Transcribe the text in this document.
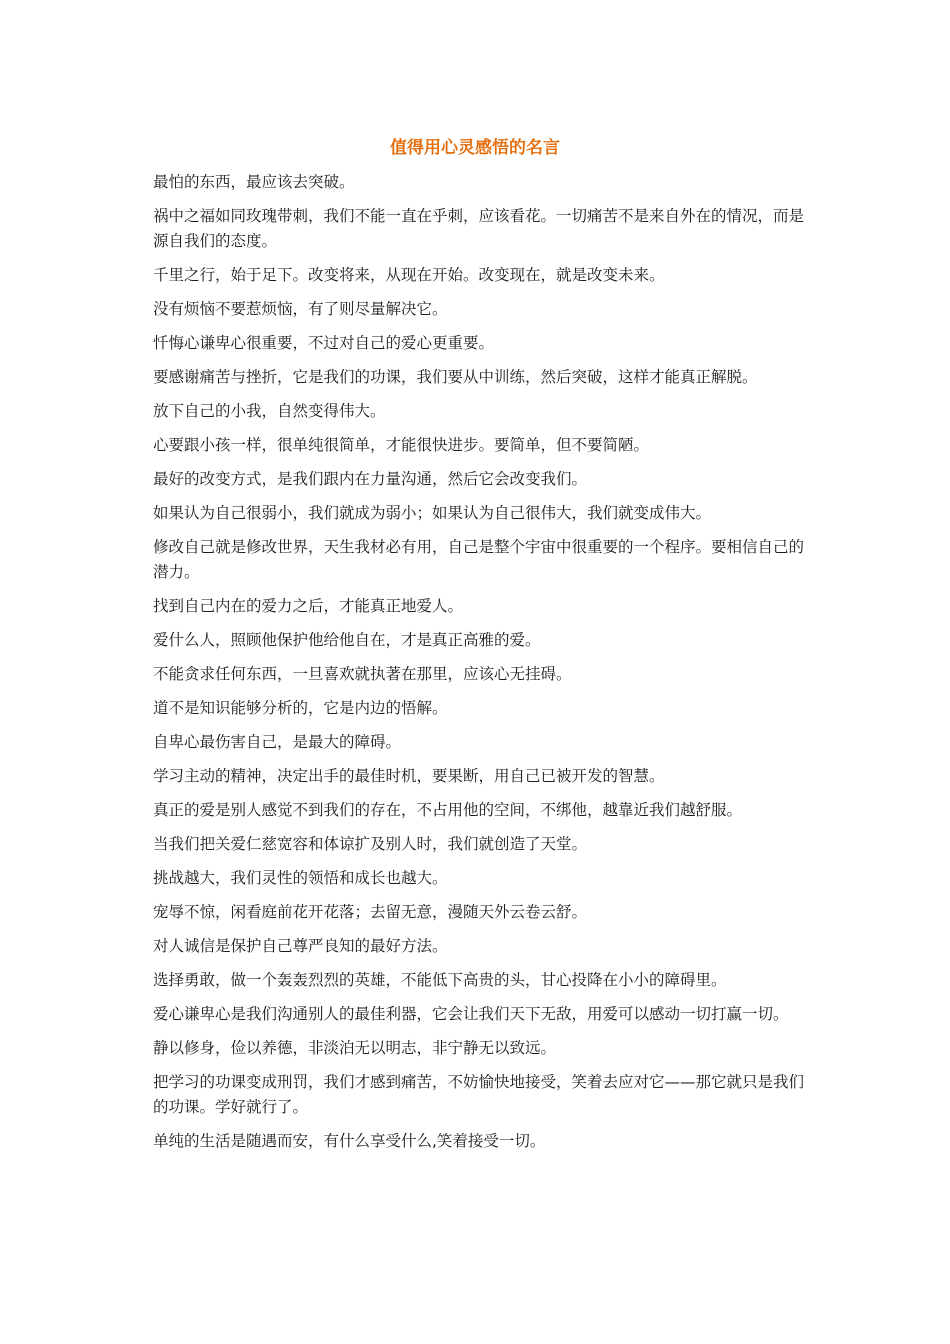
值得用心灵感悟的名言
最怕的东西，最应该去突破。
祸中之福如同玫瑰带刺，我们不能一直在乎刺，应该看花。一切痛苦不是来自外在的情况，而是源自我们的态度。
千里之行，始于足下。改变将来，从现在开始。改变现在，就是改变未来。
没有烦恼不要惹烦恼，有了则尽量解决它。
忏悔心谦卑心很重要，不过对自己的爱心更重要。
要感谢痛苦与挫折，它是我们的功课，我们要从中训练，然后突破，这样才能真正解脱。
放下自己的小我，自然变得伟大。
心要跟小孩一样，很单纯很简单，才能很快进步。要简单，但不要简陋。
最好的改变方式，是我们跟内在力量沟通，然后它会改变我们。
如果认为自己很弱小，我们就成为弱小；如果认为自己很伟大，我们就变成伟大。
修改自己就是修改世界，天生我材必有用，自己是整个宇宙中很重要的一个程序。要相信自己的潜力。
找到自己内在的爱力之后，才能真正地爱人。
爱什么人，照顾他保护他给他自在，才是真正高雅的爱。
不能贪求任何东西，一旦喜欢就执著在那里，应该心无挂碍。
道不是知识能够分析的，它是内边的悟解。
自卑心最伤害自己，是最大的障碍。
学习主动的精神，决定出手的最佳时机，要果断，用自己已被开发的智慧。
真正的爱是别人感觉不到我们的存在，不占用他的空间，不绑他，越靠近我们越舒服。
当我们把关爱仁慈宽容和体谅扩及别人时，我们就创造了天堂。
挑战越大，我们灵性的领悟和成长也越大。
宠辱不惊，闲看庭前花开花落；去留无意，漫随天外云卷云舒。
对人诚信是保护自己尊严良知的最好方法。
选择勇敢，做一个轰轰烈烈的英雄，不能低下高贵的头，甘心投降在小小的障碍里。
爱心谦卑心是我们沟通别人的最佳利器，它会让我们天下无敌，用爱可以感动一切打赢一切。
静以修身，俭以养德，非淡泊无以明志，非宁静无以致远。
把学习的功课变成刑罚，我们才感到痛苦，不妨愉快地接受，笑着去应对它——那它就只是我们的功课。学好就行了。
单纯的生活是随遇而安，有什么享受什么,笑着接受一切。
